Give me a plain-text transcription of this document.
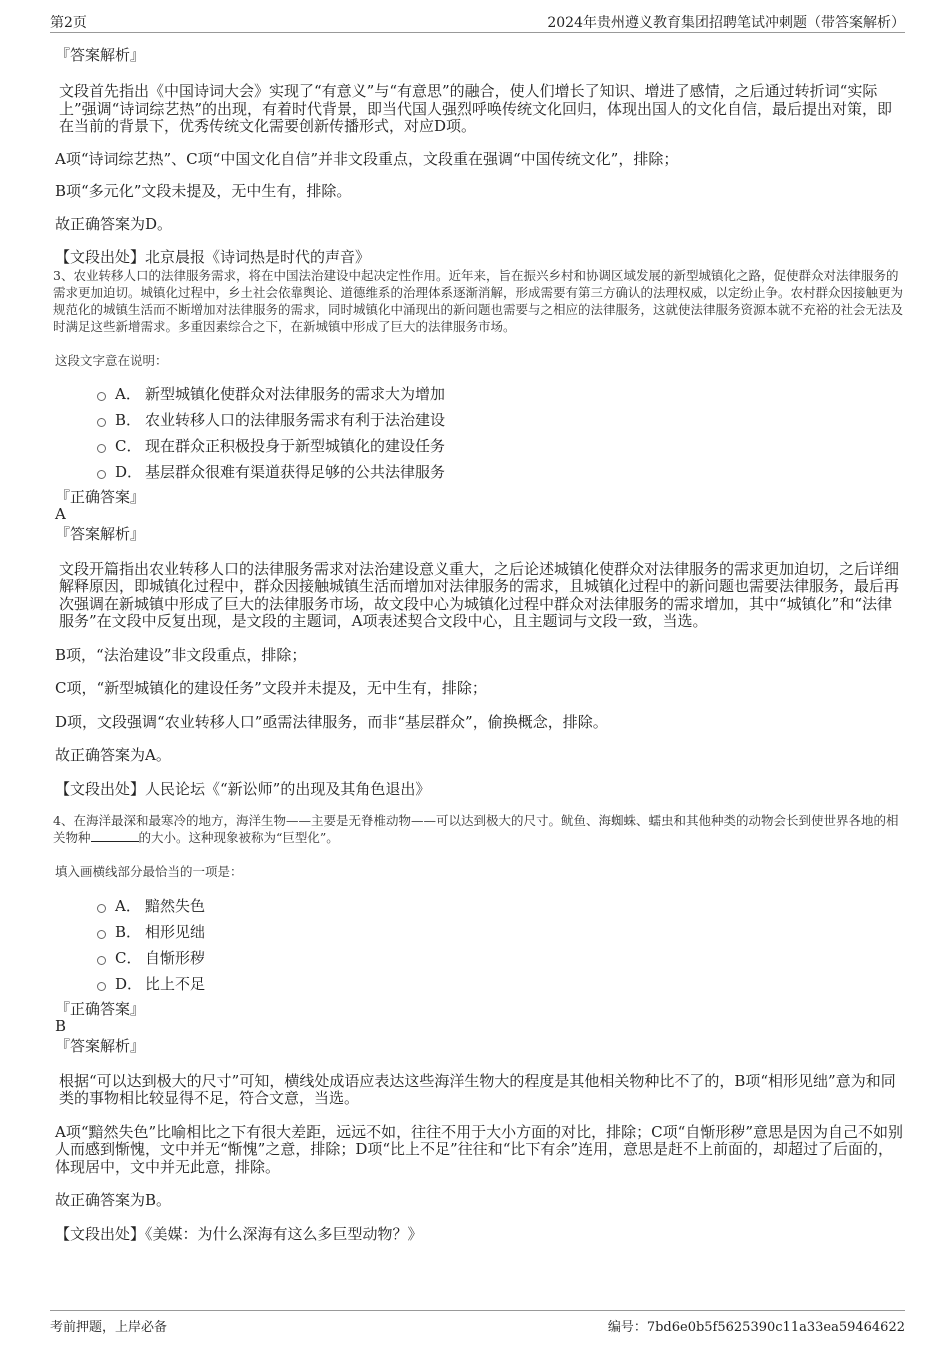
第2页	2024年贵州遵义教育集团招聘笔试冲刺题（带答案解析）

『答案解析』

文段首先指出《中国诗词大会》实现了“有意义”与“有意思”的融合，使人们增长了知识、增进了感情，之后通过转折词“实际上”强调“诗词综艺热”的出现，有着时代背景，即当代国人强烈呼唤传统文化回归，体现出国人的文化自信，最后提出对策，即在当前的背景下，优秀传统文化需要创新传播形式，对应D项。

A项“诗词综艺热”、C项“中国文化自信”并非文段重点，文段重在强调“中国传统文化”，排除；

B项“多元化”文段未提及，无中生有，排除。

故正确答案为D。

【文段出处】北京晨报《诗词热是时代的声音》

3、农业转移人口的法律服务需求，将在中国法治建设中起决定性作用。近年来，旨在振兴乡村和协调区域发展的新型城镇化之路，促使群众对法律服务的需求更加迫切。城镇化过程中，乡土社会依靠舆论、道德维系的治理体系逐渐消解，形成需要有第三方确认的法理权威，以定纷止争。农村群众因接触更为规范化的城镇生活而不断增加对法律服务的需求，同时城镇化中涌现出的新问题也需要与之相应的法律服务，这就使法律服务资源本就不充裕的社会无法及时满足这些新增需求。多重因素综合之下，在新城镇中形成了巨大的法律服务市场。

这段文字意在说明：

A． 新型城镇化使群众对法律服务的需求大为增加
B． 农业转移人口的法律服务需求有利于法治建设
C． 现在群众正积极投身于新型城镇化的建设任务
D． 基层群众很难有渠道获得足够的公共法律服务

『正确答案』

A

『答案解析』

文段开篇指出农业转移人口的法律服务需求对法治建设意义重大，之后论述城镇化使群众对法律服务的需求更加迫切，之后详细解释原因，即城镇化过程中，群众因接触城镇生活而增加对法律服务的需求，且城镇化过程中的新问题也需要法律服务，最后再次强调在新城镇中形成了巨大的法律服务市场，故文段中心为城镇化过程中群众对法律服务的需求增加，其中“城镇化”和“法律服务”在文段中反复出现，是文段的主题词，A项表述契合文段中心，且主题词与文段一致，当选。

B项，“法治建设”非文段重点，排除；

C项，“新型城镇化的建设任务”文段并未提及，无中生有，排除；

D项，文段强调“农业转移人口”亟需法律服务，而非“基层群众”，偷换概念，排除。

故正确答案为A。

【文段出处】人民论坛《“新讼师”的出现及其角色退出》

4、在海洋最深和最寒冷的地方，海洋生物——主要是无脊椎动物——可以达到极大的尺寸。鱿鱼、海蜘蛛、蠕虫和其他种类的动物会长到使世界各地的相关物种	的大小。这种现象被称为“巨型化”。

填入画横线部分最恰当的一项是：

A． 黯然失色
B． 相形见绌
C． 自惭形秽
D． 比上不足

『正确答案』

B

『答案解析』

根据“可以达到极大的尺寸”可知，横线处成语应表达这些海洋生物大的程度是其他相关物种比不了的，B项“相形见绌”意为和同类的事物相比较显得不足，符合文意，当选。

A项“黯然失色”比喻相比之下有很大差距，远远不如，往往不用于大小方面的对比，排除；C项“自惭形秽”意思是因为自己不如别人而感到惭愧，文中并无“惭愧”之意，排除；D项“比上不足”往往和“比下有余”连用，意思是赶不上前面的，却超过了后面的，体现居中，文中并无此意，排除。

故正确答案为B。

【文段出处】《美媒：为什么深海有这么多巨型动物？》

考前押题，上岸必备	编号：7bd6e0b5f5625390c11a33ea59464622
